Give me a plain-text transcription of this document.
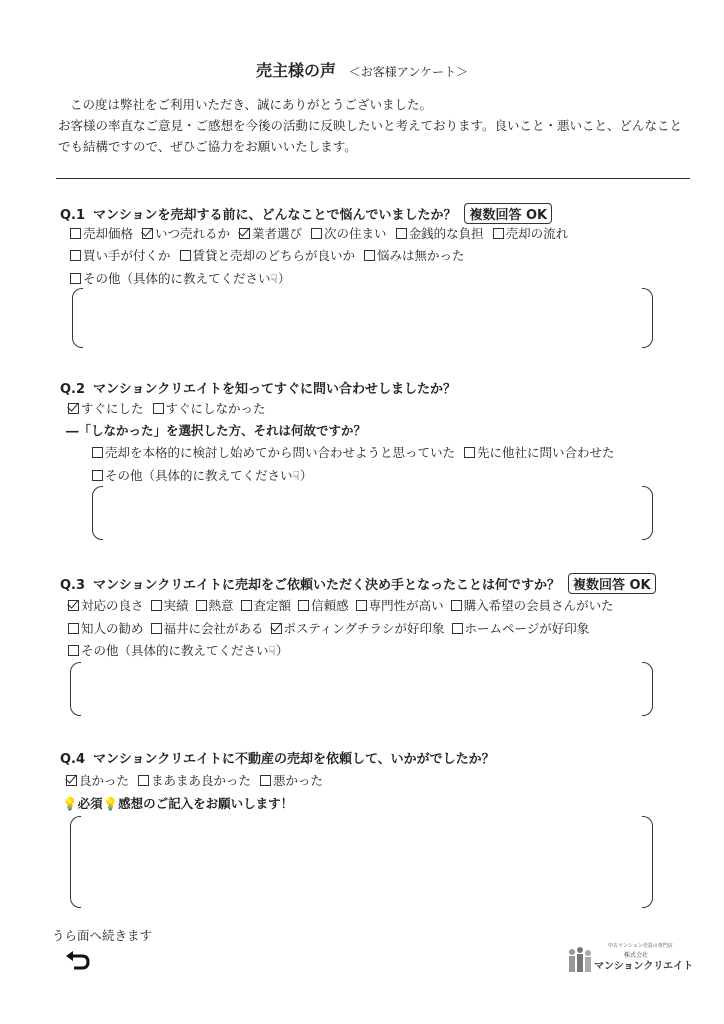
売主様の声 ＜お客様アンケート＞
この度は弊社をご利用いただき、誠にありがとうございました。
お客様の率直なご意見・ご感想を今後の活動に反映したいと考えております。良いこと・悪いこと、どんなこと
でも結構ですので、ぜひご協力をお願いいたします。
Q.1 マンションを売却する前に、どんなことで悩んでいましたか？ 複数回答 OK
売却価格 いつ売れるか 業者選び 次の住まい 金銭的な負担 売却の流れ
買い手が付くか 賃貸と売却のどちらが良いか 悩みは無かった
その他（具体的に教えてください☟）
Q.2 マンションクリエイトを知ってすぐに問い合わせしましたか？
すぐにした すぐにしなかった
―「しなかった」を選択した方、それは何故ですか？
売却を本格的に検討し始めてから問い合わせようと思っていた 先に他社に問い合わせた
その他（具体的に教えてください☟）
Q.3 マンションクリエイトに売却をご依頼いただく決め手となったことは何ですか？ 複数回答 OK
対応の良さ 実績 熱意 査定額 信頼感 専門性が高い 購入希望の会員さんがいた
知人の勧め 福井に会社がある ポスティングチラシが好印象 ホームページが好印象
その他（具体的に教えてください☟）
Q.4 マンションクリエイトに不動産の売却を依頼して、いかがでしたか？
良かった まあまあ良かった 悪かった
💡必須💡感想のご記入をお願いします！
うら面へ続きます
中古マンション売買の専門店
株式会社
マンションクリエイト
